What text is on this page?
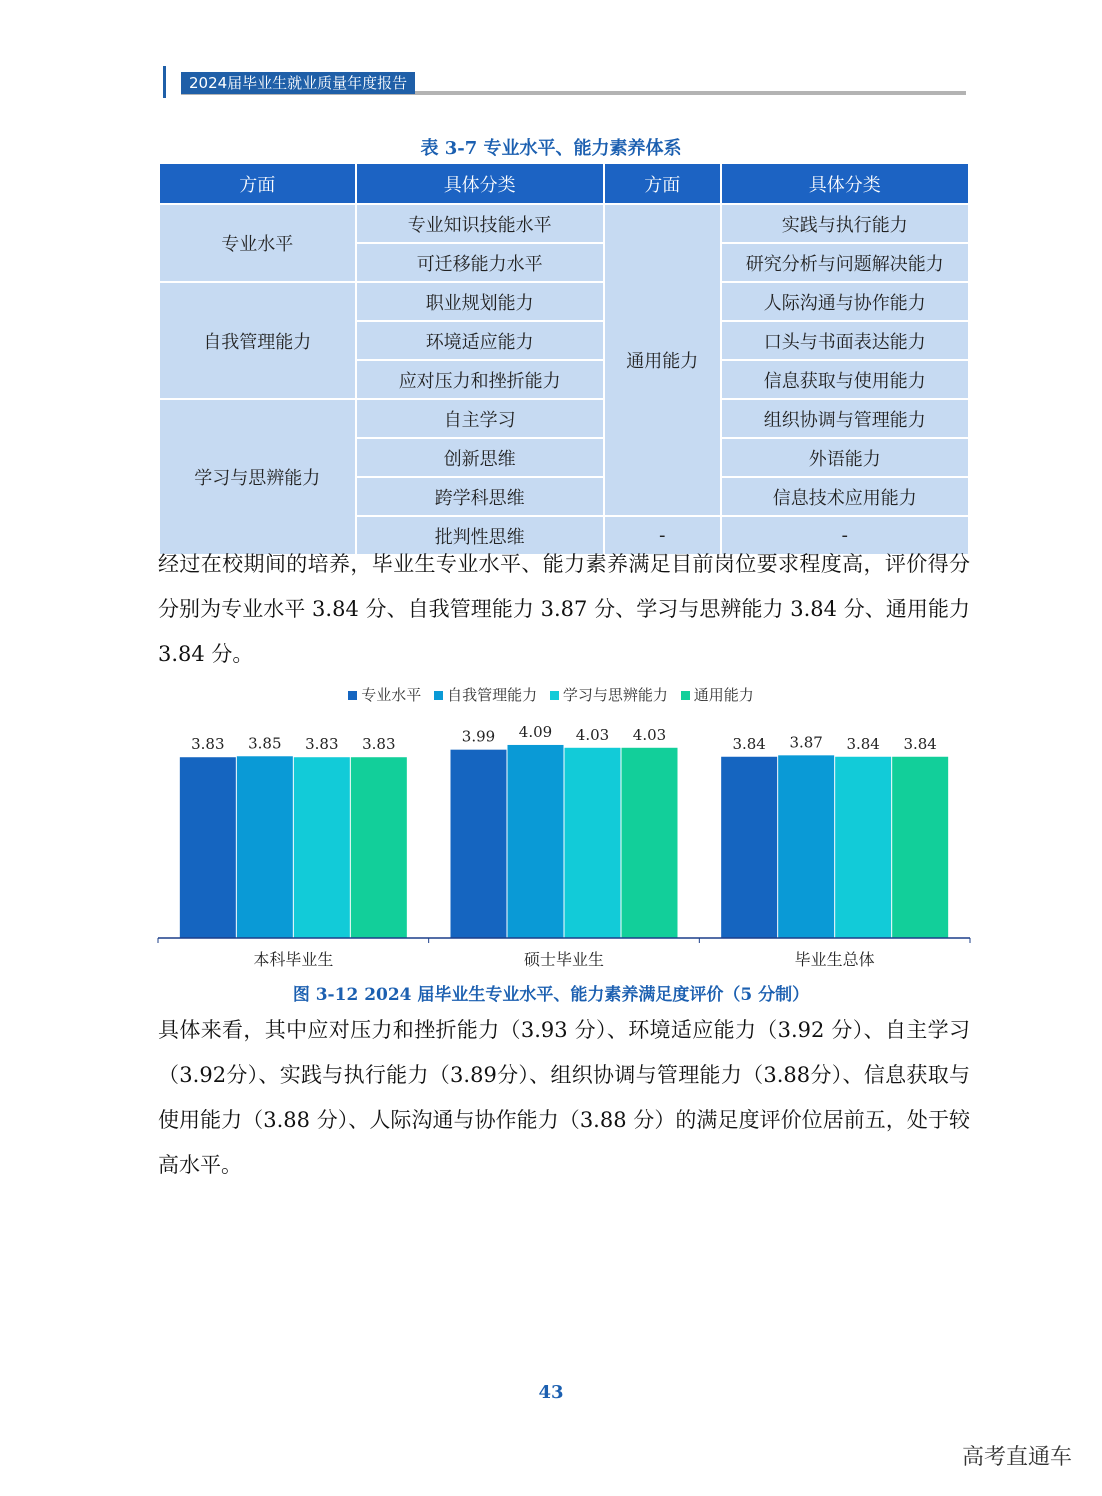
2024届毕业生就业质量年度报告
表 3-7 专业水平、能力素养体系
方面	具体分类	方面	具体分类
专业水平	专业知识技能水平	通用能力	实践与执行能力
	可迁移能力水平		研究分析与问题解决能力
自我管理能力	职业规划能力		人际沟通与协作能力
	环境适应能力		口头与书面表达能力
	应对压力和挫折能力		信息获取与使用能力
学习与思辨能力	自主学习		组织协调与管理能力
	创新思维		外语能力
	跨学科思维		信息技术应用能力
	批判性思维	-	-
经过在校期间的培养，毕业生专业水平、能力素养满足目前岗位要求程度高，评价得分分别为专业水平 3.84 分、自我管理能力 3.87 分、学习与思辨能力 3.84 分、通用能力 3.84 分。
专业水平 自我管理能力 学习与思辨能力 通用能力
3.83 3.85 3.83 3.83
本科毕业生
3.99 4.09 4.03 4.03
硕士毕业生
3.84 3.87 3.84 3.84
毕业生总体
图 3-12 2024 届毕业生专业水平、能力素养满足度评价（5 分制）
具体来看，其中应对压力和挫折能力（3.93 分）、环境适应能力（3.92 分）、自主学习（3.92分）、实践与执行能力（3.89分）、组织协调与管理能力（3.88分）、信息获取与使用能力（3.88 分）、人际沟通与协作能力（3.88 分）的满足度评价位居前五，处于较高水平。
43
高考直通车
